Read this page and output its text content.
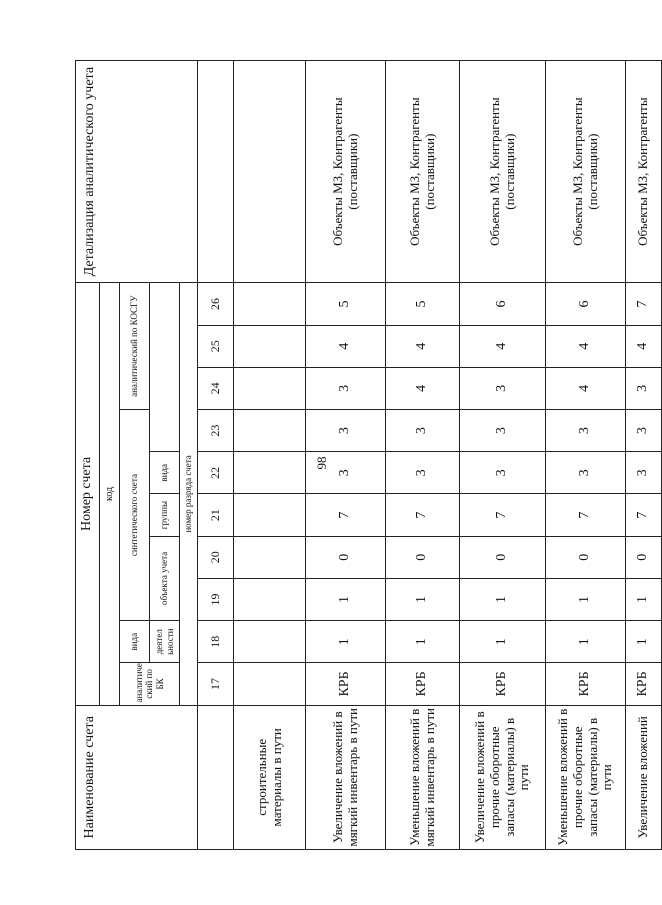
98
Наименование счета	Номер счета										Детализация аналитического учета
	код										
	аналитиче ский по БК	вида	синтетического счета					аналитический по КОСГУ			
		деятел ьности	объекта учета		группы	вида					
	номер разряда счета										
	17	18	19	20	21	22	23	24	25	26	
строительные материалы в пути											
Увеличение вложений в мягкий инвентарь в пути	КРБ	1	1	0	7	3	3	3	4	5	Объекты МЗ, Контрагенты (поставщики)
Уменьшение вложений в мягкий инвентарь в пути	КРБ	1	1	0	7	3	3	4	4	5	Объекты МЗ, Контрагенты (поставщики)
Увеличение вложений в прочие оборотные запасы (материалы) в пути	КРБ	1	1	0	7	3	3	3	4	6	Объекты МЗ, Контрагенты (поставщики)
Уменьшение вложений в прочие оборотные запасы (материалы) в пути	КРБ	1	1	0	7	3	3	4	4	6	Объекты МЗ, Контрагенты (поставщики)
Увеличение вложений	КРБ	1	1	0	7	3	3	3	4	7	Объекты МЗ, Контрагенты
